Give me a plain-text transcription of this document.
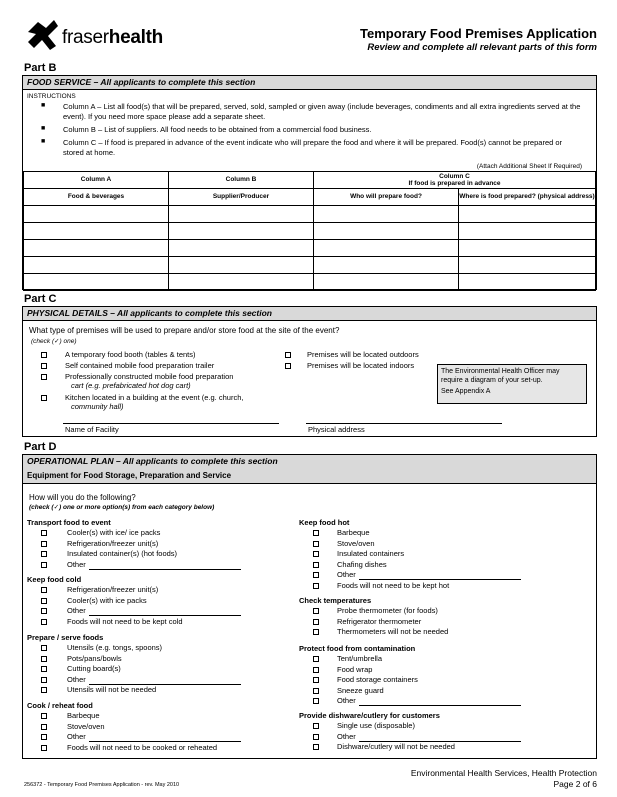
fraserhealth	Temporary Food Premises Application
Review and complete all relevant parts of this form
Part B
FOOD SERVICE – All applicants to complete this section
INSTRUCTIONS
Column A – List all food(s) that will be prepared, served, sold, sampled or given away (include beverages, condiments and all extra ingredients served at the event). If you need more space please add a separate sheet.
Column B – List of suppliers. All food needs to be obtained from a commercial food business.
Column C – If food is prepared in advance of the event indicate who will prepare the food and where it will be prepared. Food(s) cannot be prepared or stored at home.
■
■
■
(Attach Additional Sheet If Required)
Column A	Column B	Column C
If food is prepared in advance	
Food & beverages	Supplier/Producer	Who will prepare food?	Where is food prepared? (physical address)

Part C
PHYSICAL DETAILS – All applicants to complete this section
What type of premises will be used to prepare and/or store food at the site of the event?
(check (✓) one)
A temporary food booth (tables & tents)
Self contained mobile food preparation trailer
Professionally constructed mobile food preparation
cart (e.g. prefabricated hot dog cart)
Kitchen located in a building at the event (e.g. church,
community hall)
Premises will be located outdoors
Premises will be located indoors
The Environmental Health Officer may
require a diagram of your set-up.
See Appendix A
Name of Facility	Physical address
Part D
OPERATIONAL PLAN – All applicants to complete this section
Equipment for Food Storage, Preparation and Service
How will you do the following?
(check (✓) one or more option(s) from each category below)
Transport food to event
Cooler(s) with ice/ ice packs
Refrigeration/freezer unit(s)
Insulated container(s) (hot foods)
Other
Keep food cold
Refrigeration/freezer unit(s)
Cooler(s) with ice packs
Other
Foods will not need to be kept cold
Prepare / serve foods
Utensils (e.g. tongs, spoons)
Pots/pans/bowls
Cutting board(s)
Other
Utensils will not be needed
Cook / reheat food
Barbeque
Stove/oven
Other
Foods will not need to be cooked or reheated
Keep food hot
Barbeque
Stove/oven
Insulated containers
Chafing dishes
Other
Foods will not need to be kept hot
Check temperatures
Probe thermometer (for foods)
Refrigerator thermometer
Thermometers will not be needed
Protect food from contamination
Tent/umbrella
Food wrap
Food storage containers
Sneeze guard
Other
Provide dishware/cutlery for customers
Single use (disposable)
Other
Dishware/cutlery will not be needed
256372 - Temporary Food Premises Application - rev. May 2010
Environmental Health Services, Health Protection
Page 2 of 6
